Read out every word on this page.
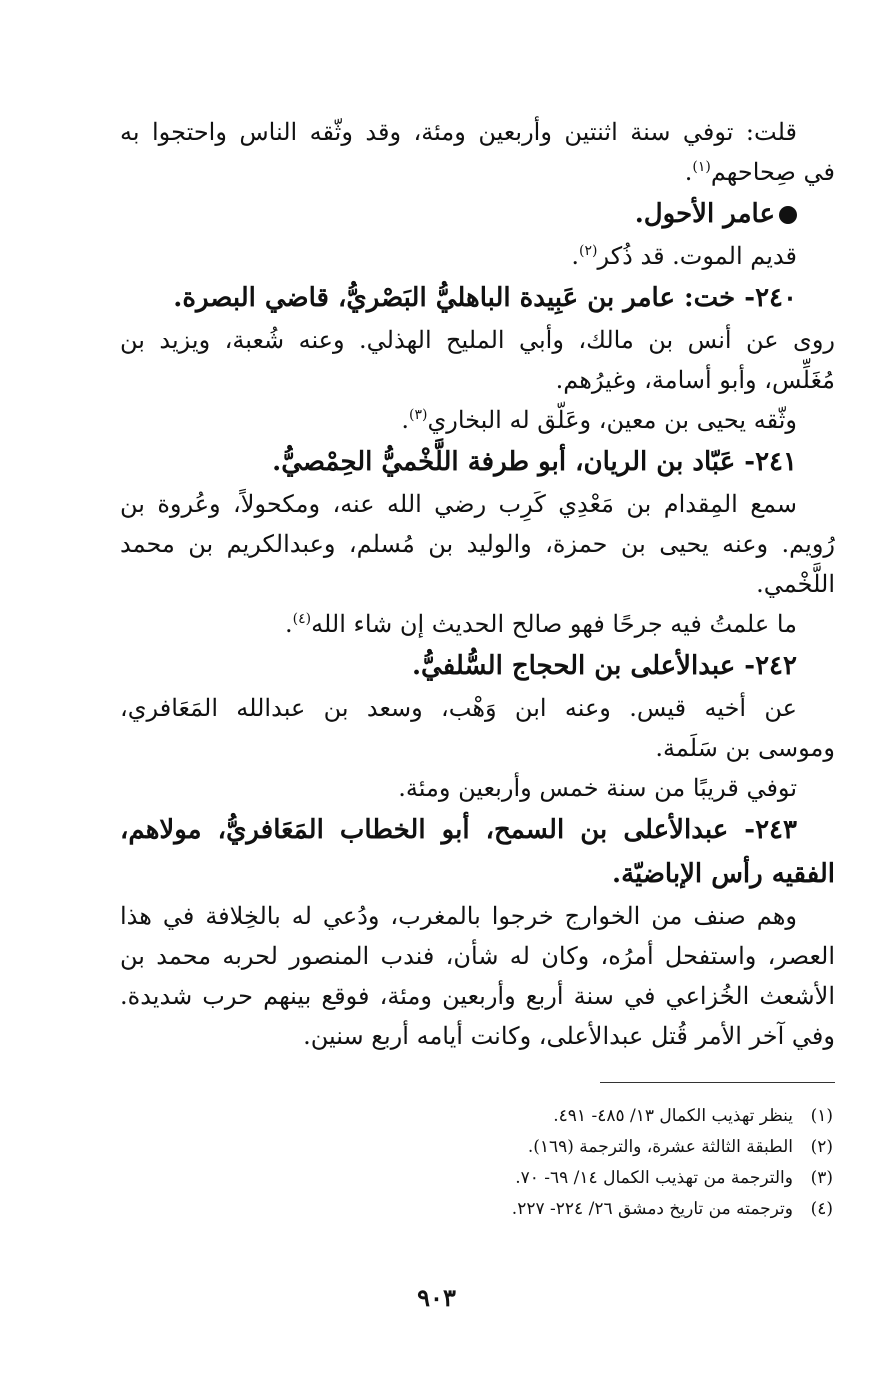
قلت: توفي سنة اثنتين وأربعين ومئة، وقد وثّقه الناس واحتجوا به
في صِحاحهم$^{(١)}$.
عامر الأحول.
قديم الموت. قد ذُكر$^{(٢)}$.
٢٤٠- خت: عامر بن عَبِيدة الباهليُّ البَصْريُّ، قاضي البصرة.
روى عن أنس بن مالك، وأبي المليح الهذلي. وعنه شُعبة، ويزيد بن
مُغَلِّس، وأبو أسامة، وغيرُهم.
وثّقه يحيى بن معين، وعَلّق له البخاري$^{(٣)}$.
٢٤١- عَبّاد بن الريان، أبو طرفة اللَّخْميُّ الحِمْصيُّ.
سمع المِقدام بن مَعْدِي كَرِب رضي الله عنه، ومكحولاً، وعُروة بن
رُويم. وعنه يحيى بن حمزة، والوليد بن مُسلم، وعبدالكريم بن محمد
اللَّخْمي.
ما علمتُ فيه جرحًا فهو صالح الحديث إن شاء الله$^{(٤)}$.
٢٤٢- عبدالأعلى بن الحجاج السُّلفيُّ.
عن أخيه قيس. وعنه ابن وَهْب، وسعد بن عبدالله المَعَافري،
وموسى بن سَلَمة.
توفي قريبًا من سنة خمس وأربعين ومئة.
٢٤٣- عبدالأعلى بن السمح، أبو الخطاب المَعَافريُّ، مولاهم،
الفقيه رأس الإباضيّة.
وهم صنف من الخوارج خرجوا بالمغرب، ودُعي له بالخِلافة في هذا
العصر، واستفحل أمرُه، وكان له شأن، فندب المنصور لحربه محمد بن
الأشعث الخُزاعي في سنة أربع وأربعين ومئة، فوقع بينهم حرب شديدة.
وفي آخر الأمر قُتل عبدالأعلى، وكانت أيامه أربع سنين.
(١)ينظر تهذيب الكمال ١٣/ ٤٨٥- ٤٩١.
(٢)الطبقة الثالثة عشرة، والترجمة (١٦٩).
(٣)والترجمة من تهذيب الكمال ١٤/ ٦٩- ٧٠.
(٤)وترجمته من تاريخ دمشق ٢٦/ ٢٢٤- ٢٢٧.
٩٠٣
